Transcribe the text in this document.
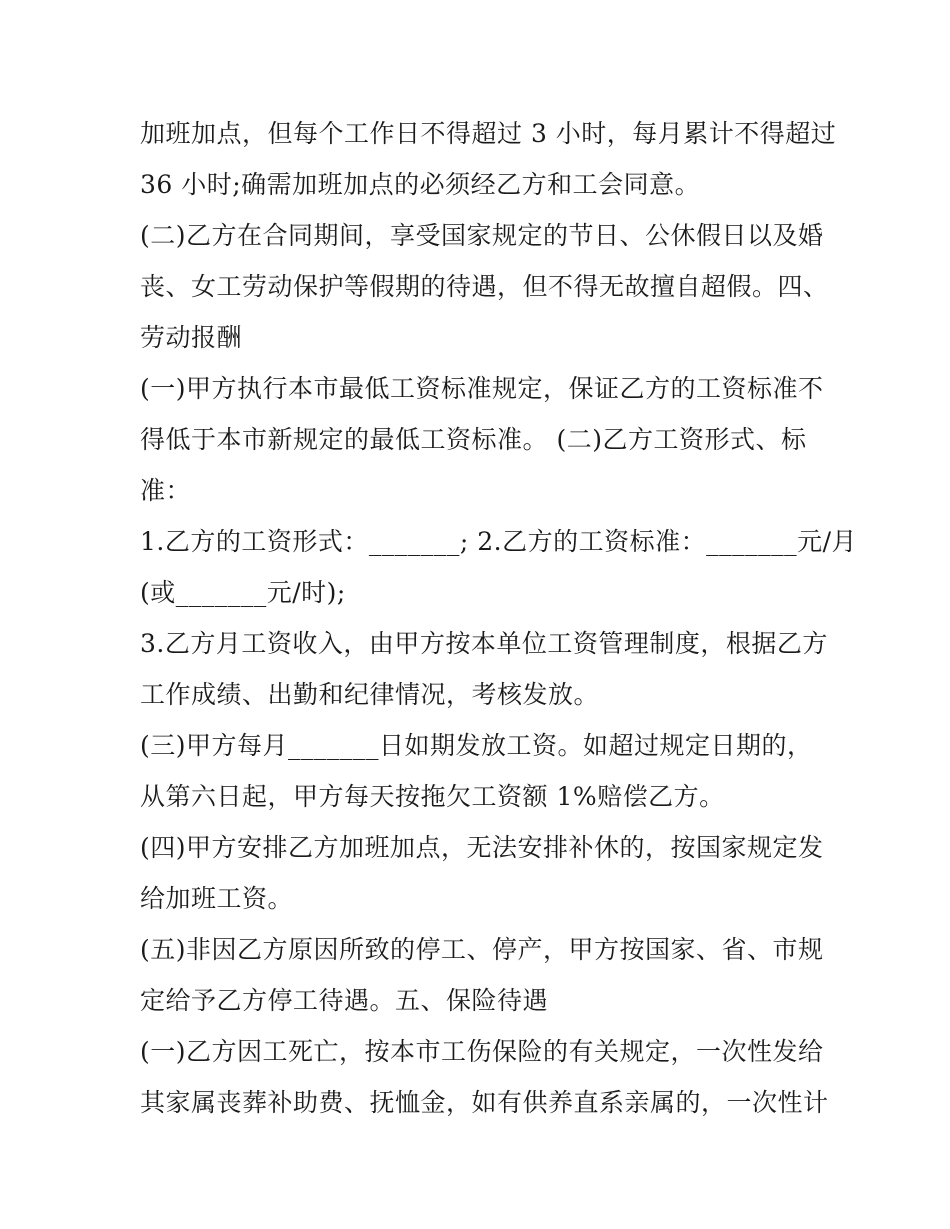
加班加点，但每个工作日不得超过 3 小时，每月累计不得超过
36 小时;确需加班加点的必须经乙方和工会同意。
(二)乙方在合同期间，享受国家规定的节日、公休假日以及婚
丧、女工劳动保护等假期的待遇，但不得无故擅自超假。四、
劳动报酬
(一)甲方执行本市最低工资标准规定，保证乙方的工资标准不
得低于本市新规定的最低工资标准。 (二)乙方工资形式、标
准：
1.乙方的工资形式：_______; 2.乙方的工资标准：_______元/月
(或_______元/时);
3.乙方月工资收入，由甲方按本单位工资管理制度，根据乙方
工作成绩、出勤和纪律情况，考核发放。
(三)甲方每月_______日如期发放工资。如超过规定日期的，
从第六日起，甲方每天按拖欠工资额 1%赔偿乙方。
(四)甲方安排乙方加班加点，无法安排补休的，按国家规定发
给加班工资。
(五)非因乙方原因所致的停工、停产，甲方按国家、省、市规
定给予乙方停工待遇。五、保险待遇
(一)乙方因工死亡，按本市工伤保险的有关规定，一次性发给
其家属丧葬补助费、抚恤金，如有供养直系亲属的，一次性计
